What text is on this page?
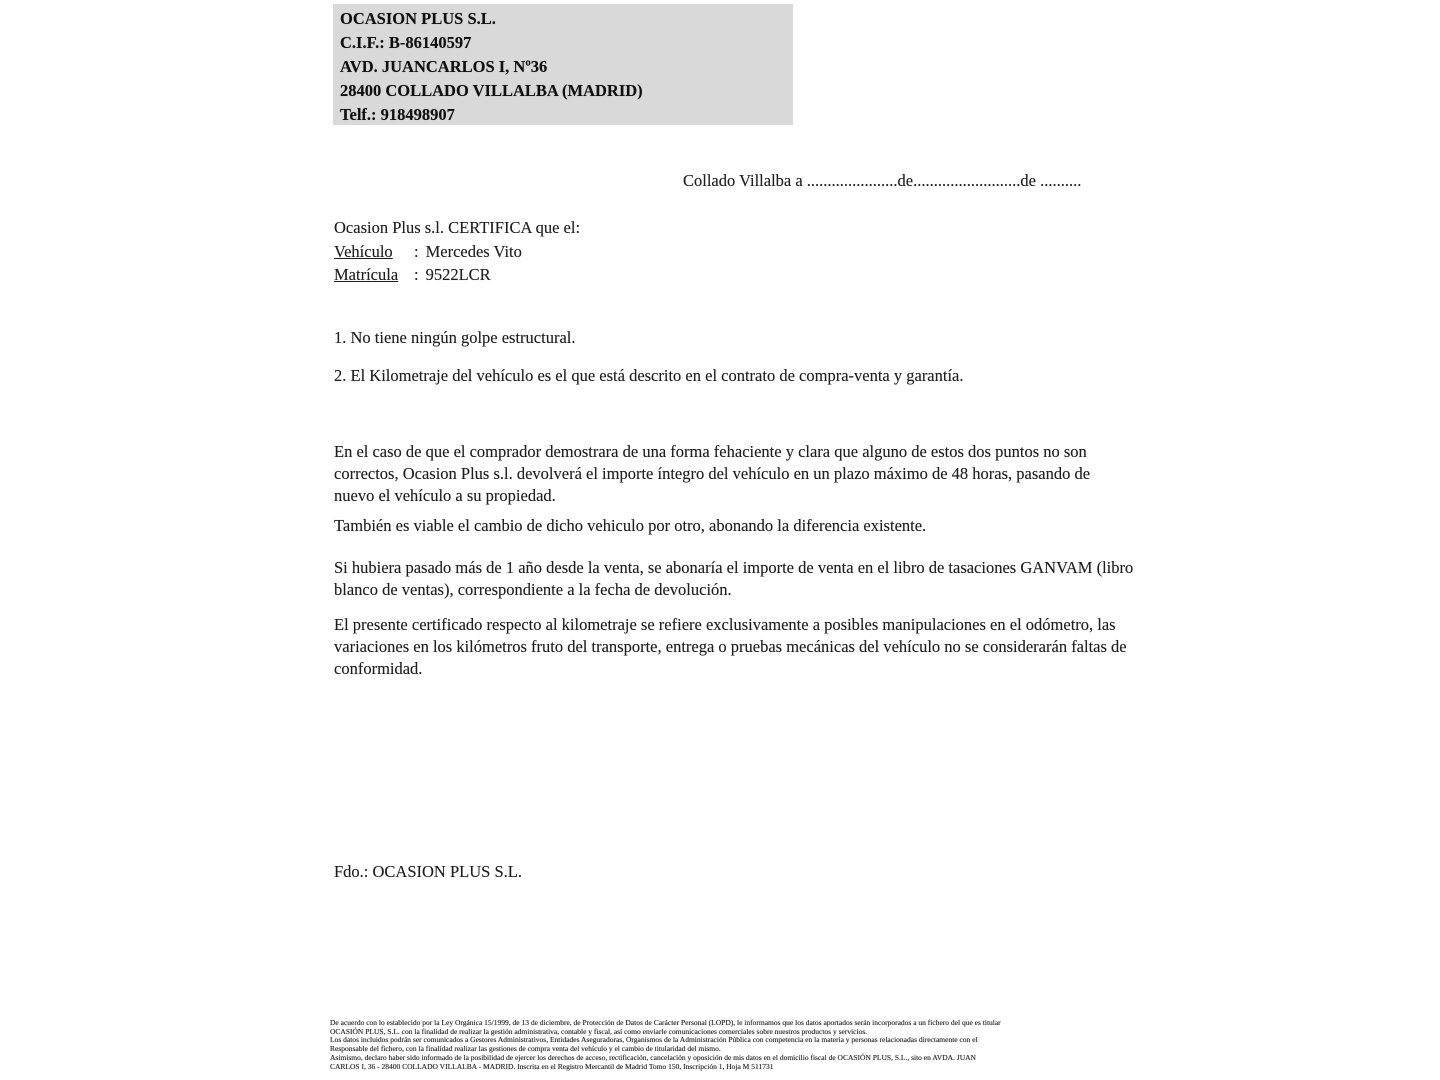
OCASION PLUS S.L.
C.I.F.: B-86140597
AVD. JUANCARLOS I, Nº36
28400 COLLADO VILLALBA (MADRID)
Telf.: 918498907
Collado Villalba a ......................de..........................de ..........
Ocasion Plus s.l. CERTIFICA que el:
Vehículo : Mercedes Vito
Matrícula : 9522LCR
1. No tiene ningún golpe estructural.
2. El Kilometraje del vehículo es el que está descrito en el contrato de compra-venta y garantía.

En el caso de que el comprador demostrara de una forma fehaciente y clara que alguno de estos dos puntos no son correctos, Ocasion Plus s.l. devolverá el importe íntegro del vehículo en un plazo máximo de 48 horas, pasando de nuevo el vehículo a su propiedad.

También es viable el cambio de dicho vehiculo por otro, abonando la diferencia existente.

Si hubiera pasado más de 1 año desde la venta, se abonaría el importe de venta en el libro de tasaciones GANVAM (libro blanco de ventas), correspondiente a la fecha de devolución.

El presente certificado respecto al kilometraje se refiere exclusivamente a posibles manipulaciones en el odómetro, las variaciones en los kilómetros fruto del transporte, entrega o pruebas mecánicas del vehículo no se considerarán faltas de conformidad.

Fdo.: OCASION PLUS S.L.
De acuerdo con lo establecido por la Ley Orgánica 15/1999, de 13 de diciembre, de Protección de Datos de Carácter Personal (LOPD), le informamos que los datos aportados serán incorporados a un fichero del que es titular
OCASIÓN PLUS, S.L. con la finalidad de realizar la gestión administrativa, contable y fiscal, así como enviarle comunicaciones comerciales sobre nuestros productos y servicios.
Los datos incluidos podrán ser comunicados a Gestores Administrativos, Entidades Aseguradoras, Organismos de la Administración Pública con competencia en la materia y personas relacionadas directamente con el
Responsable del fichero, con la finalidad realizar las gestiones de compra venta del vehículo y el cambio de titularidad del mismo.
Asimismo, declaro haber sido informado de la posibilidad de ejercer los derechos de acceso, rectificación, cancelación y oposición de mis datos en el domicilio fiscal de OCASIÓN PLUS, S.L., sito en AVDA. JUAN
CARLOS I, 36 - 28400 COLLADO VILLALBA - MADRID. Inscrita en el Registro Mercantil de Madrid Tomo 150, Inscripción 1, Hoja M 511731
